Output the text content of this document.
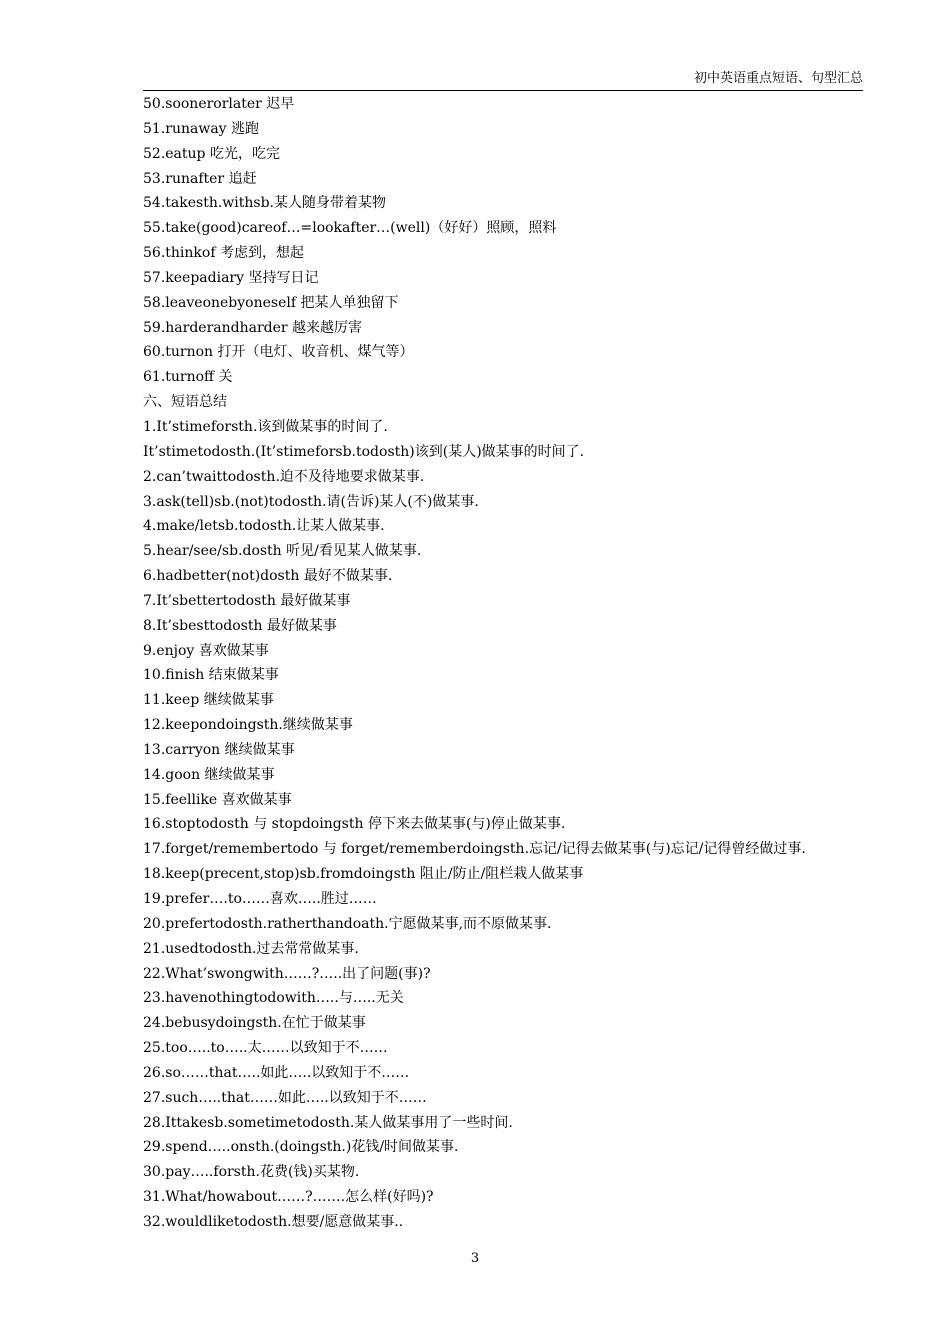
初中英语重点短语、句型汇总
50.soonerorlater 迟早
51.runaway 逃跑
52.eatup 吃光，吃完
53.runafter 追赶
54.takesth.withsb.某人随身带着某物
55.take(good)careof…=lookafter…(well)（好好）照顾，照料
56.thinkof 考虑到，想起
57.keepadiary 坚持写日记
58.leaveonebyoneself 把某人单独留下
59.harderandharder 越来越厉害
60.turnon 打开（电灯、收音机、煤气等）
61.turnoff 关
六、短语总结
1.It’stimeforsth.该到做某事的时间了.
It’stimetodosth.(It’stimeforsb.todosth)该到(某人)做某事的时间了.
2.can’twaittodosth.迫不及待地要求做某事.
3.ask(tell)sb.(not)todosth.请(告诉)某人(不)做某事.
4.make/letsb.todosth.让某人做某事.
5.hear/see/sb.dosth 听见/看见某人做某事.
6.hadbetter(not)dosth 最好不做某事.
7.It’sbettertodosth 最好做某事
8.It’sbesttodosth 最好做某事
9.enjoy 喜欢做某事
10.finish 结束做某事
11.keep 继续做某事
12.keepondoingsth.继续做某事
13.carryon 继续做某事
14.goon 继续做某事
15.feellike 喜欢做某事
16.stoptodosth 与 stopdoingsth 停下来去做某事(与)停止做某事.
17.forget/remembertodo 与 forget/rememberdoingsth.忘记/记得去做某事(与)忘记/记得曾经做过事.
18.keep(precent,stop)sb.fromdoingsth 阻止/防止/阻栏栽人做某事
19.prefer….to……喜欢…..胜过……
20.prefertodosth.ratherthandoath.宁愿做某事,而不原做某事.
21.usedtodosth.过去常常做某事.
22.What’swongwith……?…..出了问题(事)?
23.havenothingtodowith…..与…..无关
24.bebusydoingsth.在忙于做某事
25.too…..to…..太……以致知于不……
26.so……that…..如此…..以致知于不……
27.such…..that……如此…..以致知于不……
28.Ittakesb.sometimetodosth.某人做某事用了一些时间.
29.spend…..onsth.(doingsth.)花钱/时间做某事.
30.pay…..forsth.花费(钱)买某物.
31.What/howabout……?…….怎么样(好吗)?
32.wouldliketodosth.想要/愿意做某事..
3
